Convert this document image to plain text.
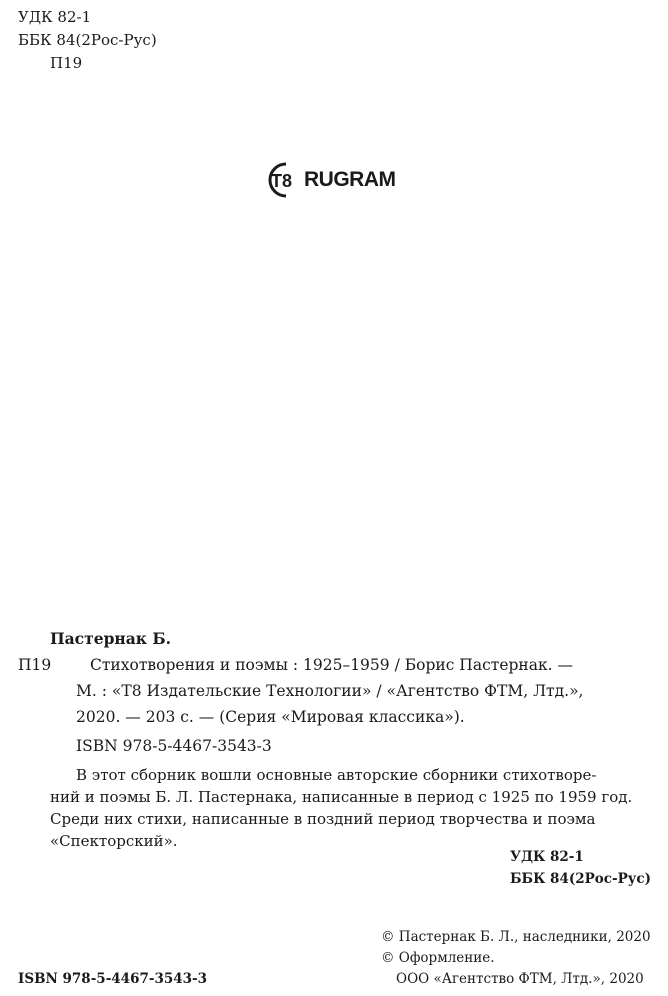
УДК 82-1
ББК 84(2Рос-Рус)
П19
T8 RUGRAM
Пастернак Б.
П19	Стихотворения и поэмы : 1925–1959 / Борис Пастернак. —
М. : «Т8 Издательские Технологии» / «Агентство ФТМ, Лтд.»,
2020. — 203 с. — (Серия «Мировая классика»).
ISBN 978-5-4467-3543-3
В этот сборник вошли основные авторские сборники стихотворе-
ний и поэмы Б. Л. Пастернака, написанные в период с 1925 по 1959 год.
Среди них стихи, написанные в поздний период творчества и поэма
«Спекторский».
УДК 82-1
ББК 84(2Рос-Рус)
© Пастернак Б. Л., наследники, 2020
© Оформление.
ISBN 978-5-4467-3543-3	ООО «Агентство ФТМ, Лтд.», 2020
